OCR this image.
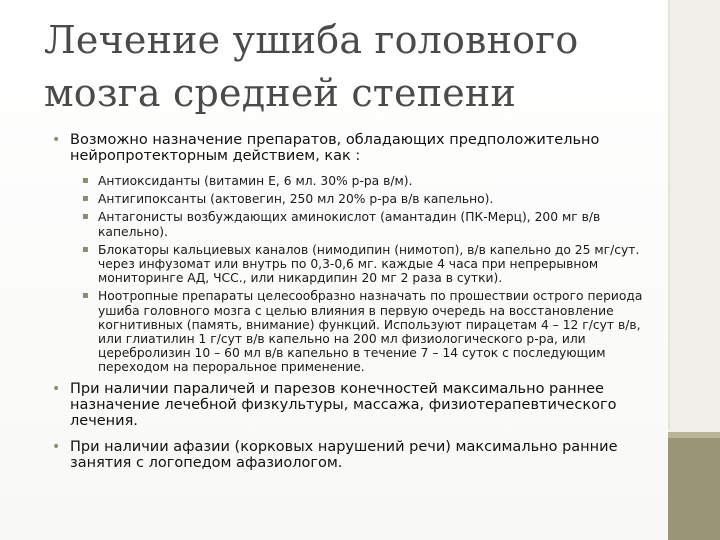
Лечение ушиба головного
мозга средней степени
• Возможно назначение препаратов, обладающих предположительно нейропротекторным действием, как :
▪ Антиоксиданты (витамин Е, 6 мл. 30% р-ра в/м).
▪ Антигипоксанты (актовегин, 250 мл 20% р-ра в/в капельно).
▪ Антагонисты возбуждающих аминокислот (амантадин (ПК-Мерц), 200 мг в/в капельно).
▪ Блокаторы кальциевых каналов (нимодипин (нимотоп), в/в капельно до 25 мг/сут. через инфузомат или внутрь по 0,3-0,6 мг. каждые 4 часа при непрерывном мониторинге АД, ЧСС., или никардипин 20 мг 2 раза в сутки).
▪ Ноотропные препараты целесообразно назначать по прошествии острого периода ушиба головного мозга с целью влияния в первую очередь на восстановление когнитивных (память, внимание) функций. Используют пирацетам 4 – 12 г/сут в/в, или глиатилин 1 г/сут в/в капельно на 200 мл физиологического р-ра, или церебролизин 10 – 60 мл в/в капельно в течение 7 – 14 суток с последующим переходом на пероральное применение.
• При наличии параличей и парезов конечностей максимально раннее назначение лечебной физкультуры, массажа, физиотерапевтического лечения.
• При наличии афазии (корковых нарушений речи) максимально ранние занятия с логопедом афазиологом.
